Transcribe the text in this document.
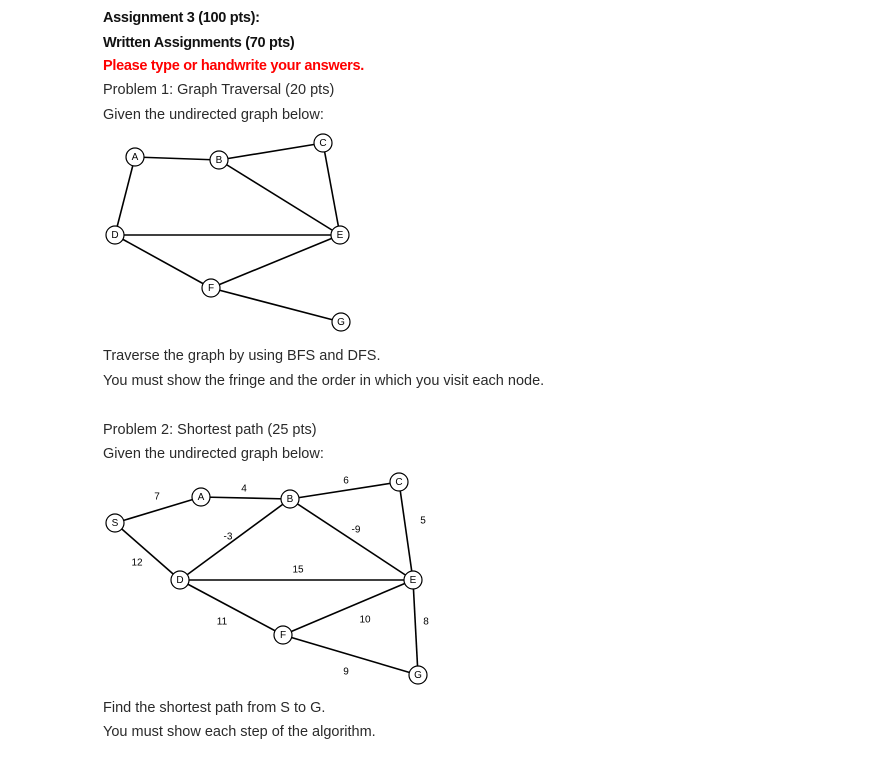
Assignment 3 (100 pts):
Written Assignments (70 pts)
Please type or handwrite your answers.
Problem 1: Graph Traversal (20 pts)
Given the undirected graph below:
A	B
C
D	E
F
G
7
4
6
12
-3
-9
5
15
11	10	8
9
S
A	B
C
D	E
F
G
Traverse the graph by using BFS and DFS.
You must show the fringe and the order in which you visit each node.
Problem 2: Shortest path (25 pts)
Given the undirected graph below:
Find the shortest path from S to G.
You must show each step of the algorithm.
